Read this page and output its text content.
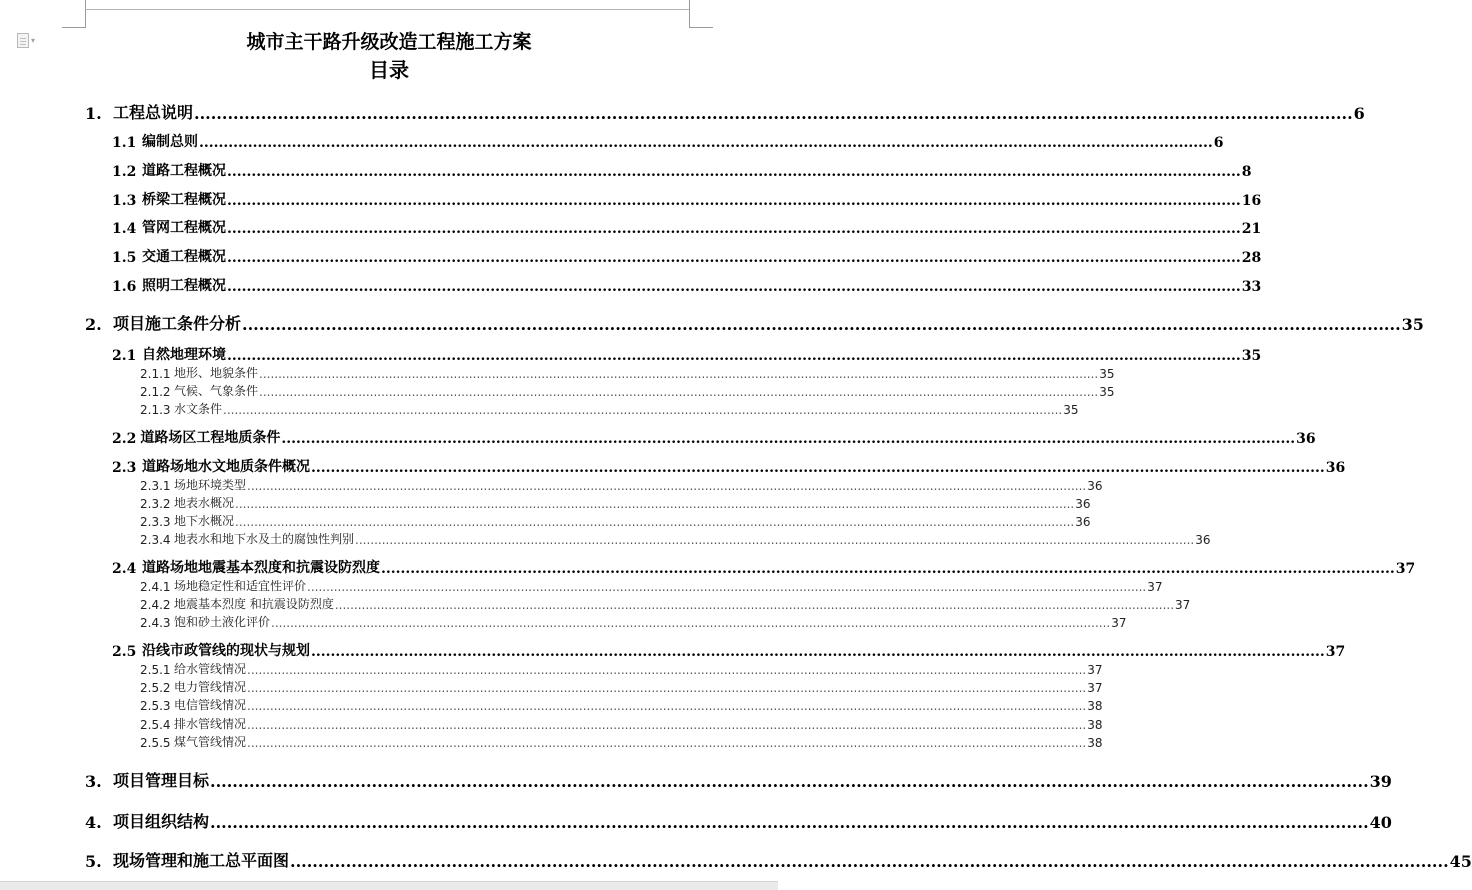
▾	城市主干路升级改造工程施工方案
目录
1. 工程总说明 ................................................................................................................................................................................................................ 6
1.1 编制总则 ................................................................................................................................................................................................................ 6
1.2 道路工程概况 ................................................................................................................................................................................................................ 8
1.3 桥梁工程概况 ................................................................................................................................................................................................................ 16
1.4 管网工程概况 ................................................................................................................................................................................................................ 21
1.5 交通工程概况 ................................................................................................................................................................................................................ 28
1.6 照明工程概况 ................................................................................................................................................................................................................ 33
2. 项目施工条件分析 ................................................................................................................................................................................................................ 35
2.1 自然地理环境 ................................................................................................................................................................................................................ 35
2.1.1 地形、地貌条件 ............................................................................................................................................................................................................................ 35
2.1.2 气候、气象条件 ............................................................................................................................................................................................................................ 35
2.1.3 水文条件 ............................................................................................................................................................................................................................ 35
2.2 道路场区工程地质条件 ................................................................................................................................................................................................................ 36
2.3 道路场地水文地质条件概况 ................................................................................................................................................................................................................ 36
2.3.1 场地环境类型 ............................................................................................................................................................................................................................ 36
2.3.2 地表水概况 ............................................................................................................................................................................................................................ 36
2.3.3 地下水概况 ............................................................................................................................................................................................................................ 36
2.3.4 地表水和地下水及土的腐蚀性判别 ............................................................................................................................................................................................................................ 36
2.4 道路场地地震基本烈度和抗震设防烈度 ................................................................................................................................................................................................................ 37
2.4.1 场地稳定性和适宜性评价 ............................................................................................................................................................................................................................ 37
2.4.2 地震基本烈度 和抗震设防烈度 ............................................................................................................................................................................................................................ 37
2.4.3 饱和砂土液化评价 ............................................................................................................................................................................................................................ 37
2.5 沿线市政管线的现状与规划 ................................................................................................................................................................................................................ 37
2.5.1 给水管线情况 ............................................................................................................................................................................................................................ 37
2.5.2 电力管线情况 ............................................................................................................................................................................................................................ 37
2.5.3 电信管线情况 ............................................................................................................................................................................................................................ 38
2.5.4 排水管线情况 ............................................................................................................................................................................................................................ 38
2.5.5 煤气管线情况 ............................................................................................................................................................................................................................ 38
3. 项目管理目标 ................................................................................................................................................................................................................ 39
4. 项目组织结构 ................................................................................................................................................................................................................ 40
5. 现场管理和施工总平面图 ................................................................................................................................................................................................................ 45
